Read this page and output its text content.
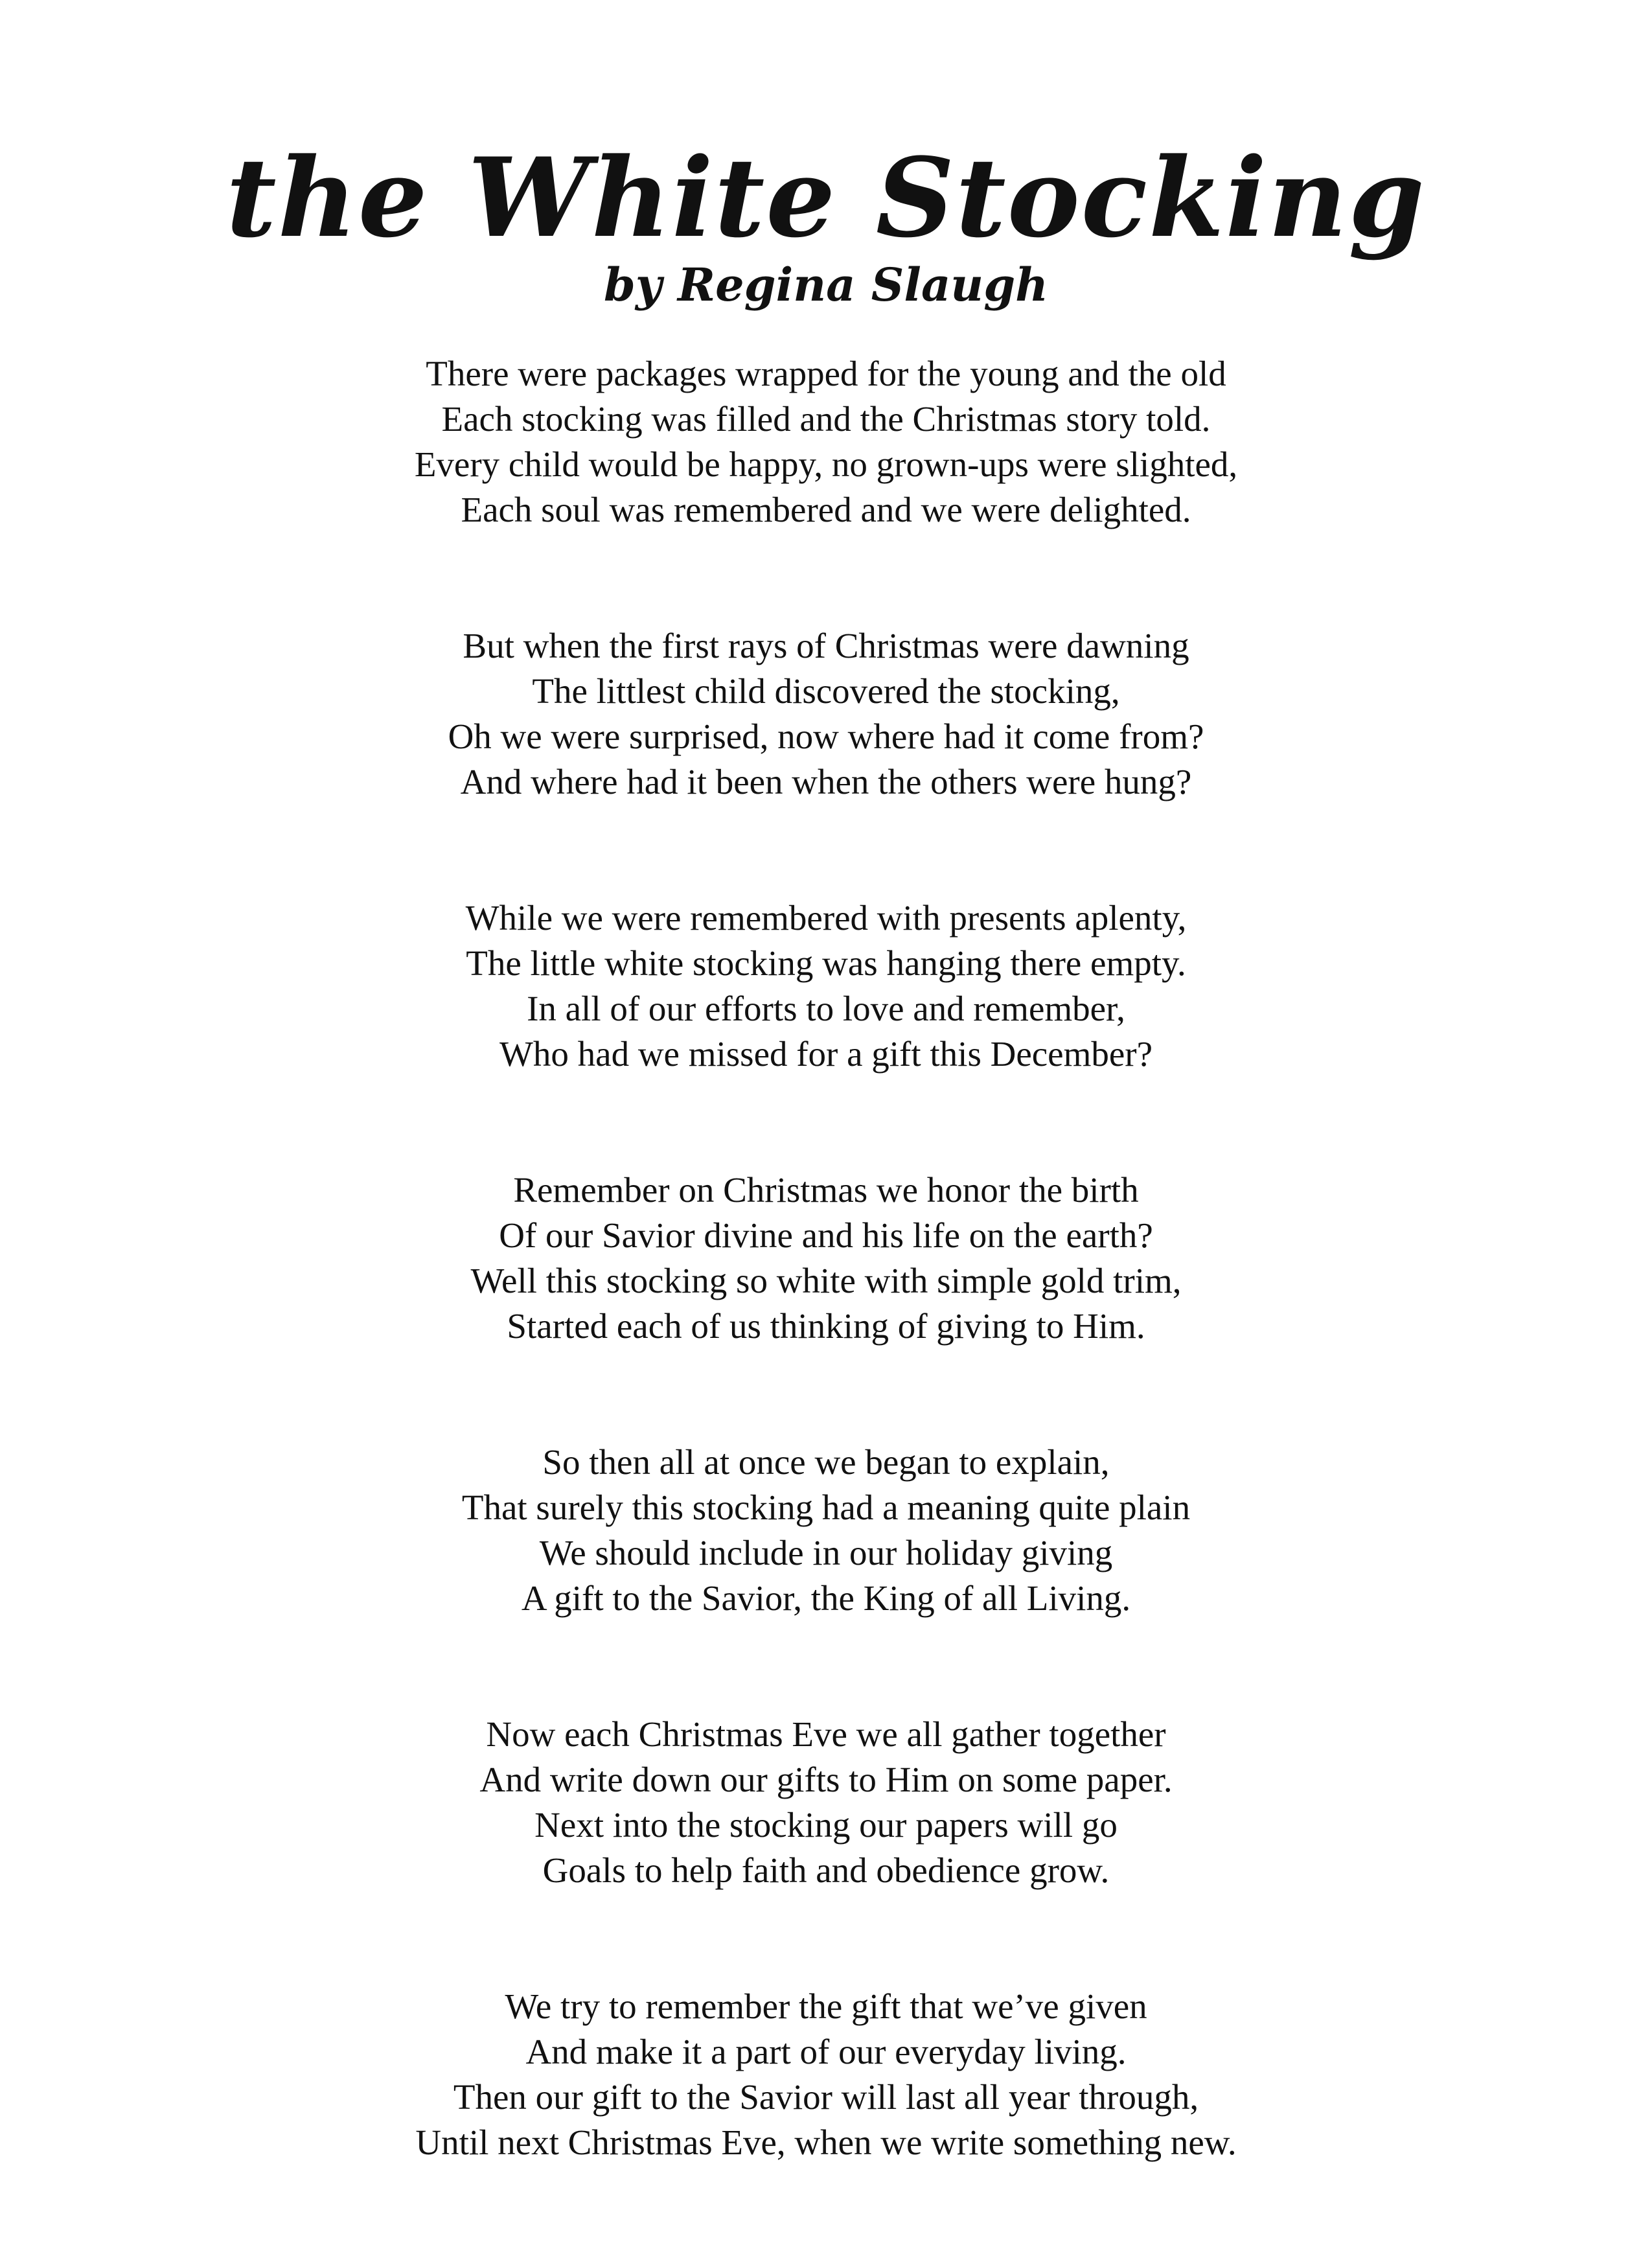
the White Stocking
by Regina Slaugh
There were packages wrapped for the young and the old
Each stocking was filled and the Christmas story told.
Every child would be happy, no grown-ups were slighted,
Each soul was remembered and we were delighted.
But when the first rays of Christmas were dawning
The littlest child discovered the stocking,
Oh we were surprised, now where had it come from?
And where had it been when the others were hung?
While we were remembered with presents aplenty,
The little white stocking was hanging there empty.
In all of our efforts to love and remember,
Who had we missed for a gift this December?
Remember on Christmas we honor the birth
Of our Savior divine and his life on the earth?
Well this stocking so white with simple gold trim,
Started each of us thinking of giving to Him.
So then all at once we began to explain,
That surely this stocking had a meaning quite plain
We should include in our holiday giving
A gift to the Savior, the King of all Living.
Now each Christmas Eve we all gather together
And write down our gifts to Him on some paper.
Next into the stocking our papers will go
Goals to help faith and obedience grow.
We try to remember the gift that we’ve given
And make it a part of our everyday living.
Then our gift to the Savior will last all year through,
Until next Christmas Eve, when we write something new.
